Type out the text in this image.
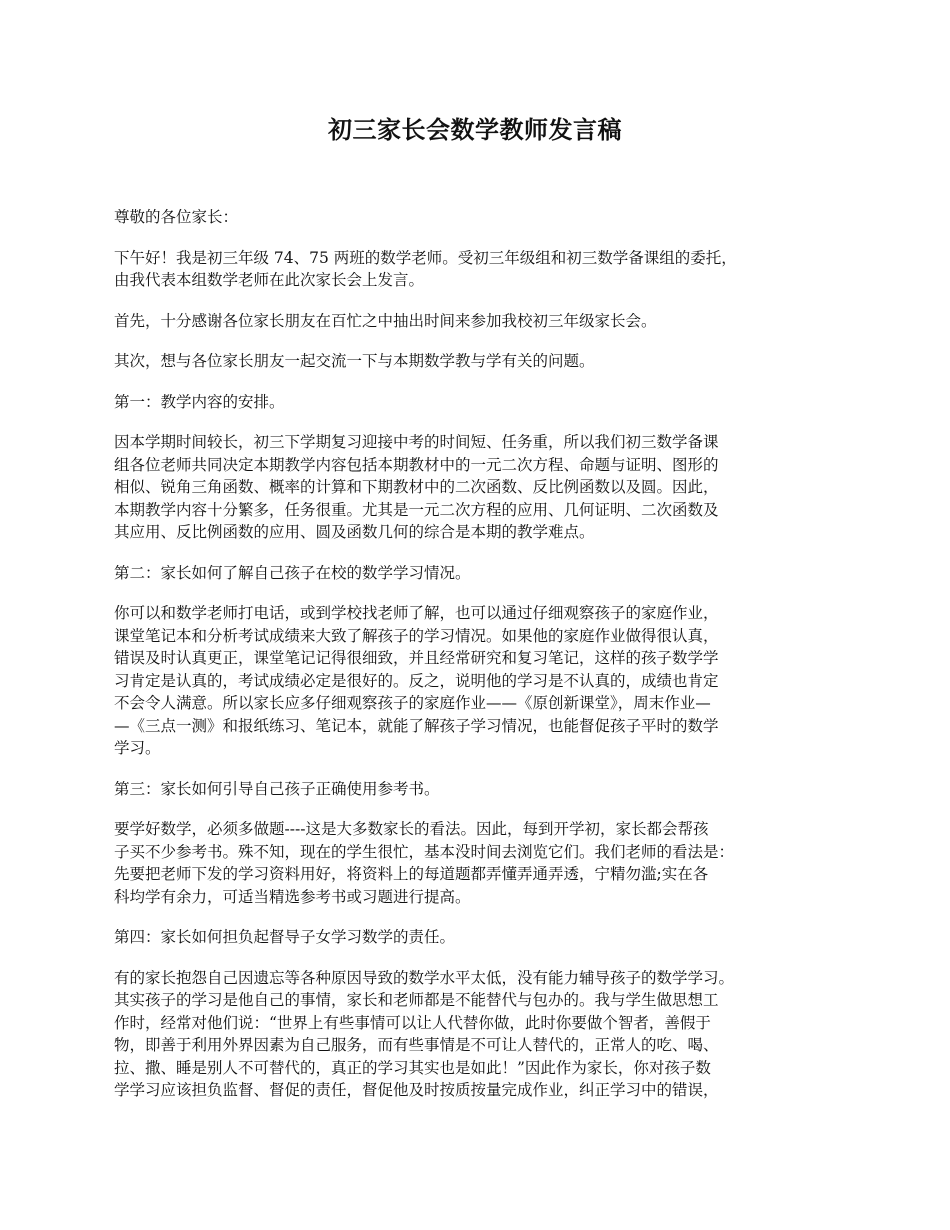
初三家长会数学教师发言稿

尊敬的各位家长：

下午好！我是初三年级 74、75 两班的数学老师。受初三年级组和初三数学备课组的委托，
由我代表本组数学老师在此次家长会上发言。

首先，十分感谢各位家长朋友在百忙之中抽出时间来参加我校初三年级家长会。

其次，想与各位家长朋友一起交流一下与本期数学教与学有关的问题。

第一：教学内容的安排。

因本学期时间较长，初三下学期复习迎接中考的时间短、任务重，所以我们初三数学备课
组各位老师共同决定本期教学内容包括本期教材中的一元二次方程、命题与证明、图形的
相似、锐角三角函数、概率的计算和下期教材中的二次函数、反比例函数以及圆。因此，
本期教学内容十分繁多，任务很重。尤其是一元二次方程的应用、几何证明、二次函数及
其应用、反比例函数的应用、圆及函数几何的综合是本期的教学难点。

第二：家长如何了解自己孩子在校的数学学习情况。

你可以和数学老师打电话，或到学校找老师了解，也可以通过仔细观察孩子的家庭作业，
课堂笔记本和分析考试成绩来大致了解孩子的学习情况。如果他的家庭作业做得很认真，
错误及时认真更正，课堂笔记记得很细致，并且经常研究和复习笔记，这样的孩子数学学
习肯定是认真的，考试成绩必定是很好的。反之，说明他的学习是不认真的，成绩也肯定
不会令人满意。所以家长应多仔细观察孩子的家庭作业——《原创新课堂》，周末作业—
—《三点一测》和报纸练习、笔记本，就能了解孩子学习情况，也能督促孩子平时的数学
学习。

第三：家长如何引导自己孩子正确使用参考书。

要学好数学，必须多做题----这是大多数家长的看法。因此，每到开学初，家长都会帮孩
子买不少参考书。殊不知，现在的学生很忙，基本没时间去浏览它们。我们老师的看法是：
先要把老师下发的学习资料用好，将资料上的每道题都弄懂弄通弄透，宁精勿滥;实在各
科均学有余力，可适当精选参考书或习题进行提高。

第四：家长如何担负起督导子女学习数学的责任。

有的家长抱怨自己因遗忘等各种原因导致的数学水平太低，没有能力辅导孩子的数学学习。
其实孩子的学习是他自己的事情，家长和老师都是不能替代与包办的。我与学生做思想工
作时，经常对他们说：“世界上有些事情可以让人代替你做，此时你要做个智者，善假于
物，即善于利用外界因素为自己服务，而有些事情是不可让人替代的，正常人的吃、喝、
拉、撒、睡是别人不可替代的，真正的学习其实也是如此！”因此作为家长，你对孩子数
学学习应该担负监督、督促的责任，督促他及时按质按量完成作业，纠正学习中的错误，
